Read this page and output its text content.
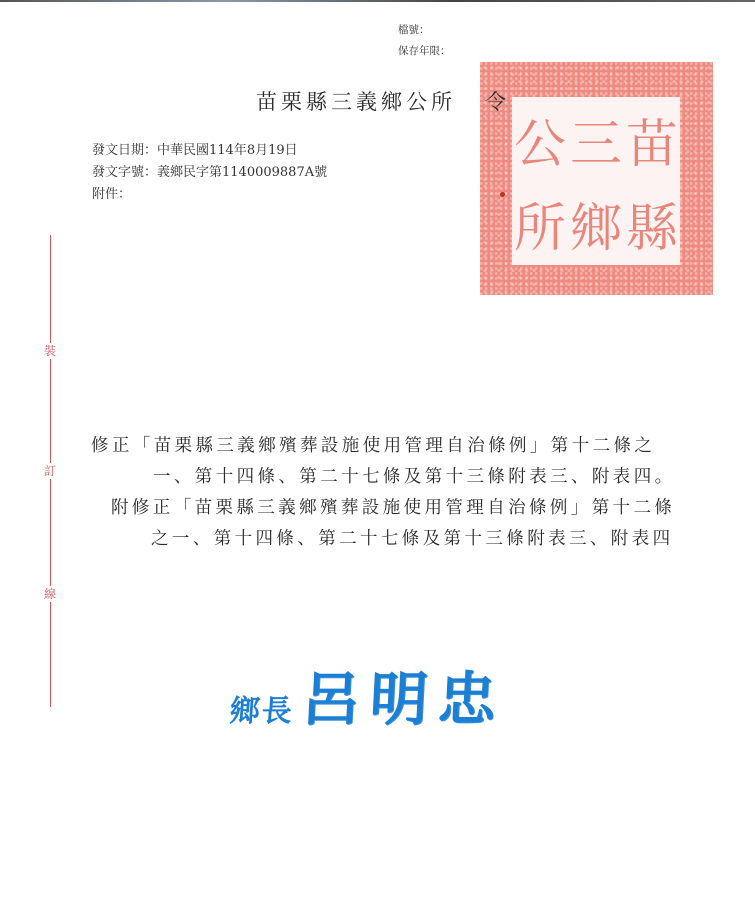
檔號：
保存年限：
苗
縣
三
鄉
公
所
苗栗縣三義鄉公所 令
發文日期：中華民國114年8月19日
發文字號：義鄉民字第1140009887A號
附件：
裝
訂
線
修正「苗栗縣三義鄉殯葬設施使用管理自治條例」第十二條之
一、第十四條、第二十七條及第十三條附表三、附表四。
附修正「苗栗縣三義鄉殯葬設施使用管理自治條例」第十二條
之一、第十四條、第二十七條及第十三條附表三、附表四
鄉長 呂明忠
